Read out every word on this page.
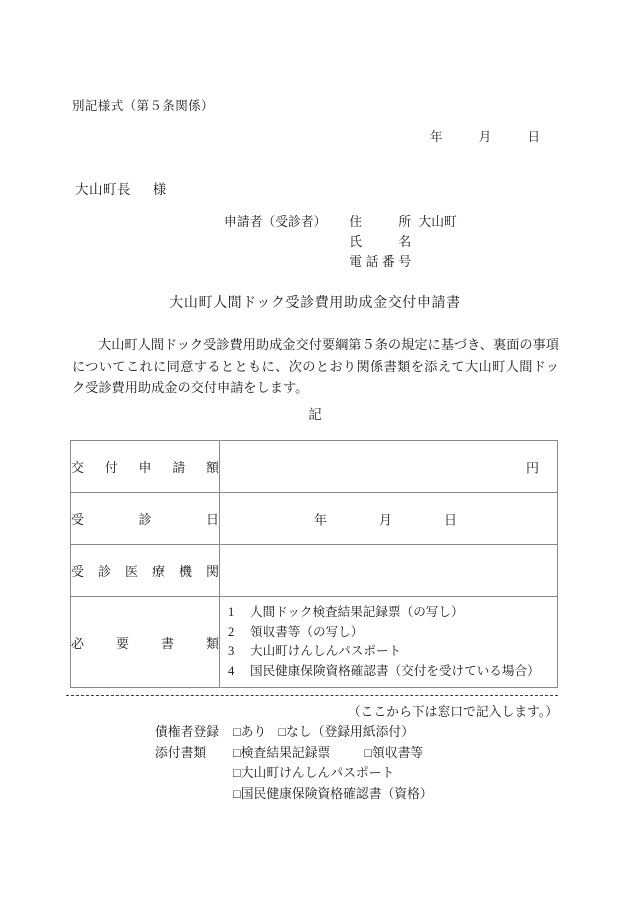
別記様式（第５条関係）
年	月	日
大山町長 様
申請者（受診者） 住所 大山町
氏名
電話番号
大山町人間ドック受診費用助成金交付申請書
大山町人間ドック受診費用助成金交付要綱第５条の規定に基づき、裏面の事項についてこれに同意するとともに、次のとおり関係書類を添えて大山町人間ドック受診費用助成金の交付申請をします。
記
交付申請額	円

受診日	年 月 日

受診医療機関	
必要書類	1 人間ドック検査結果記録票（の写し）
2 領収書等（の写し）
3 大山町けんしんパスポート
4 国民健康保険資格確認書（交付を受けている場合）
（ここから下は窓口で記入します。）
債権者登録 □あり □なし（登録用紙添付）
添付書類 □検査結果記録票	□領収書等
□大山町けんしんパスポート
□国民健康保険資格確認書（資格）
